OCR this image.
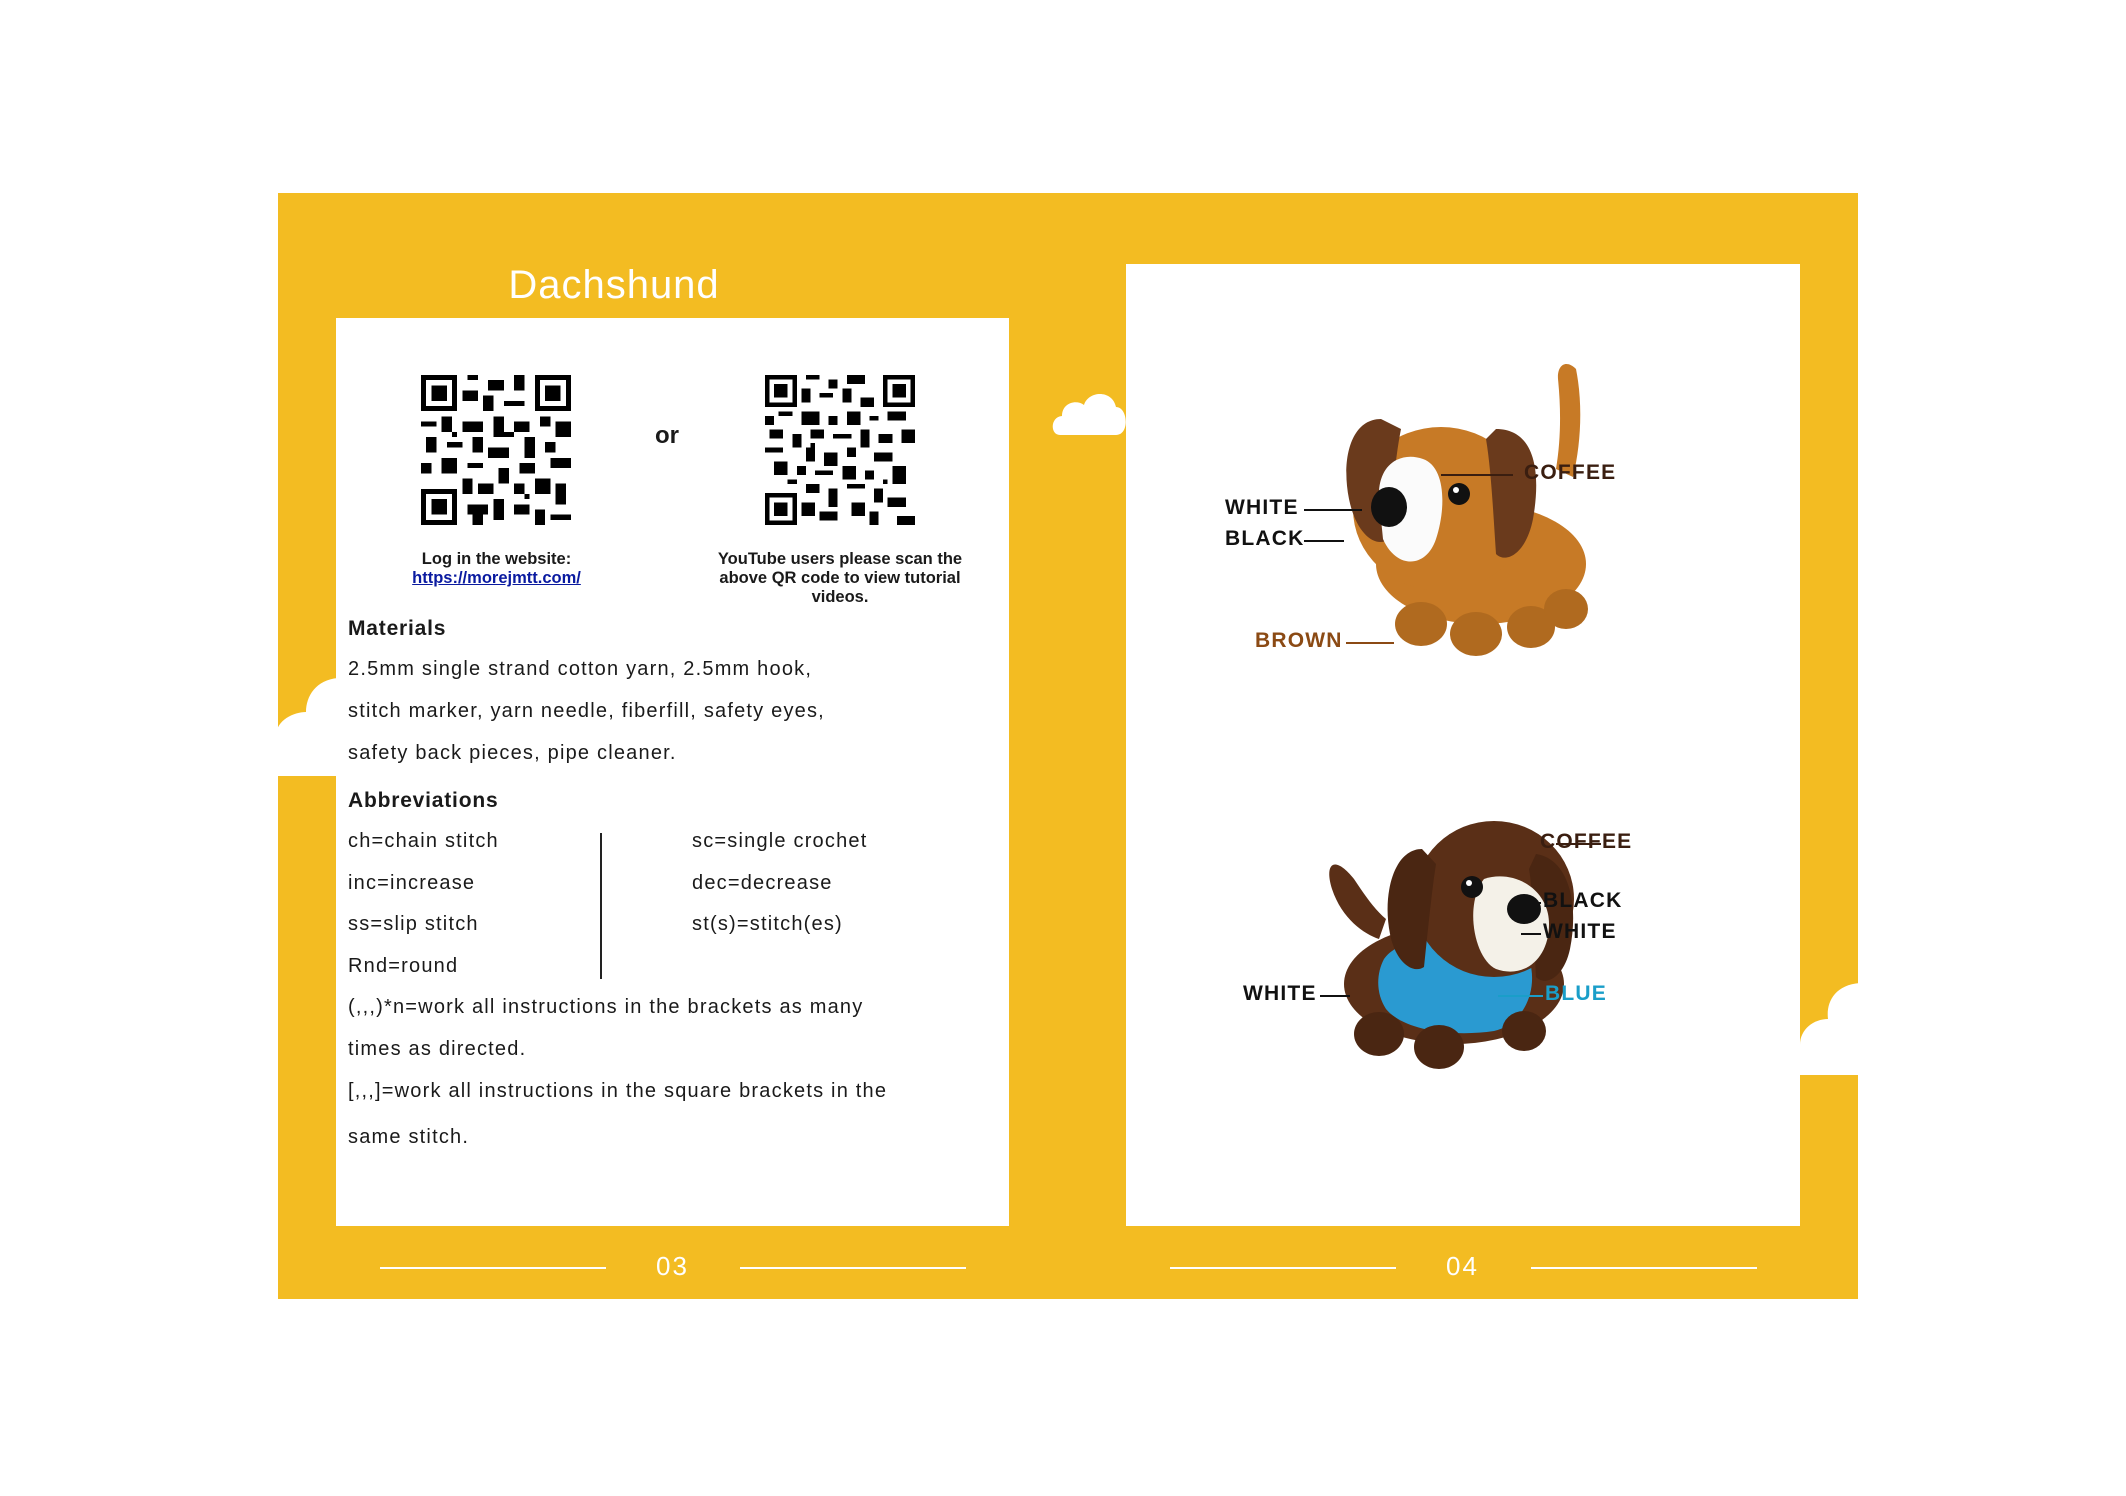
Log in the website:
https://morejmtt.com/
or
YouTube users please scan the above QR code to view tutorial videos.
Materials
2.5mm single strand cotton yarn, 2.5mm hook,
stitch marker, yarn needle, fiberfill, safety eyes,
safety back pieces, pipe cleaner.
Abbreviations
ch=chain stitch
inc=increase
ss=slip stitch
Rnd=round
sc=single crochet
dec=decrease
st(s)=stitch(es)
(,,,)*n=work all instructions in the brackets as many
times as directed.
[,,,]=work all instructions in the square brackets in the
same stitch.
Dachshund
COFFEE
WHITE
BLACK
BROWN
COFFEE
BLACK
WHITE
WHITE	BLUE
03	04
